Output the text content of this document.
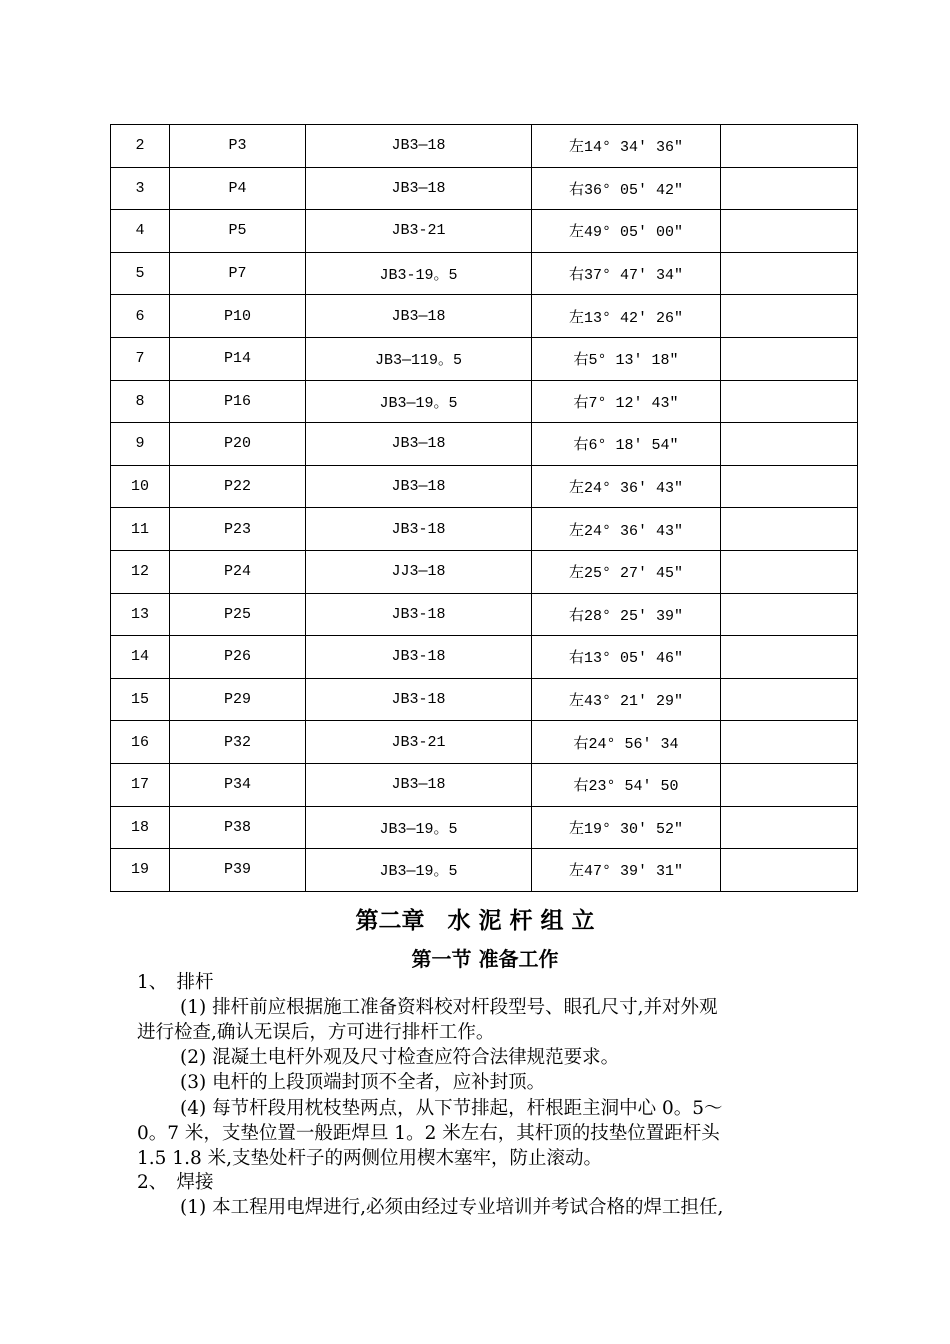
2	P3	JB3—18	左14° 34′ 36″	
3	P4	JB3—18	右36° 05′ 42″	
4	P5	JB3-21	左49° 05′ 00″	
5	P7	JB3-19。5	右37° 47′ 34″	
6	P10	JB3—18	左13° 42′ 26″	
7	P14	JB3—119。5	右5° 13′ 18″	
8	P16	JB3—19。5	右7° 12′ 43″	
9	P20	JB3—18	右6° 18′ 54″	
10	P22	JB3—18	左24° 36′ 43″	
11	P23	JB3-18	左24° 36′ 43″	
12	P24	JJ3—18	左25° 27′ 45″	
13	P25	JB3-18	右28° 25′ 39″	
14	P26	JB3-18	右13° 05′ 46″	
15	P29	JB3-18	左43° 21′ 29″	
16	P32	JB3-21	右24° 56′ 34	
17	P34	JB3—18	右23° 54′ 50	
18	P38	JB3—19。5	左19° 30′ 52″	
19	P39	JB3—19。5	左47° 39′ 31″	
第二章　水 泥 杆 组 立
第一节 准备工作
1、　排杆
(1) 排杆前应根据施工准备资料校对杆段型号、眼孔尺寸,并对外观
进行检查,确认无误后，方可进行排杆工作。
(2) 混凝土电杆外观及尺寸检查应符合法律规范要求。
(3) 电杆的上段顶端封顶不全者，应补封顶。
(4) 每节杆段用枕枝垫两点，从下节排起，杆根距主洞中心 0。5～
0。7 米，支垫位置一般距焊旦 1。2 米左右，其杆顶的技垫位置距杆头
1.5 1.8 米,支垫处杆子的两侧位用楔木塞牢，防止滚动。
2、　焊接
(1) 本工程用电焊进行,必须由经过专业培训并考试合格的焊工担任,
